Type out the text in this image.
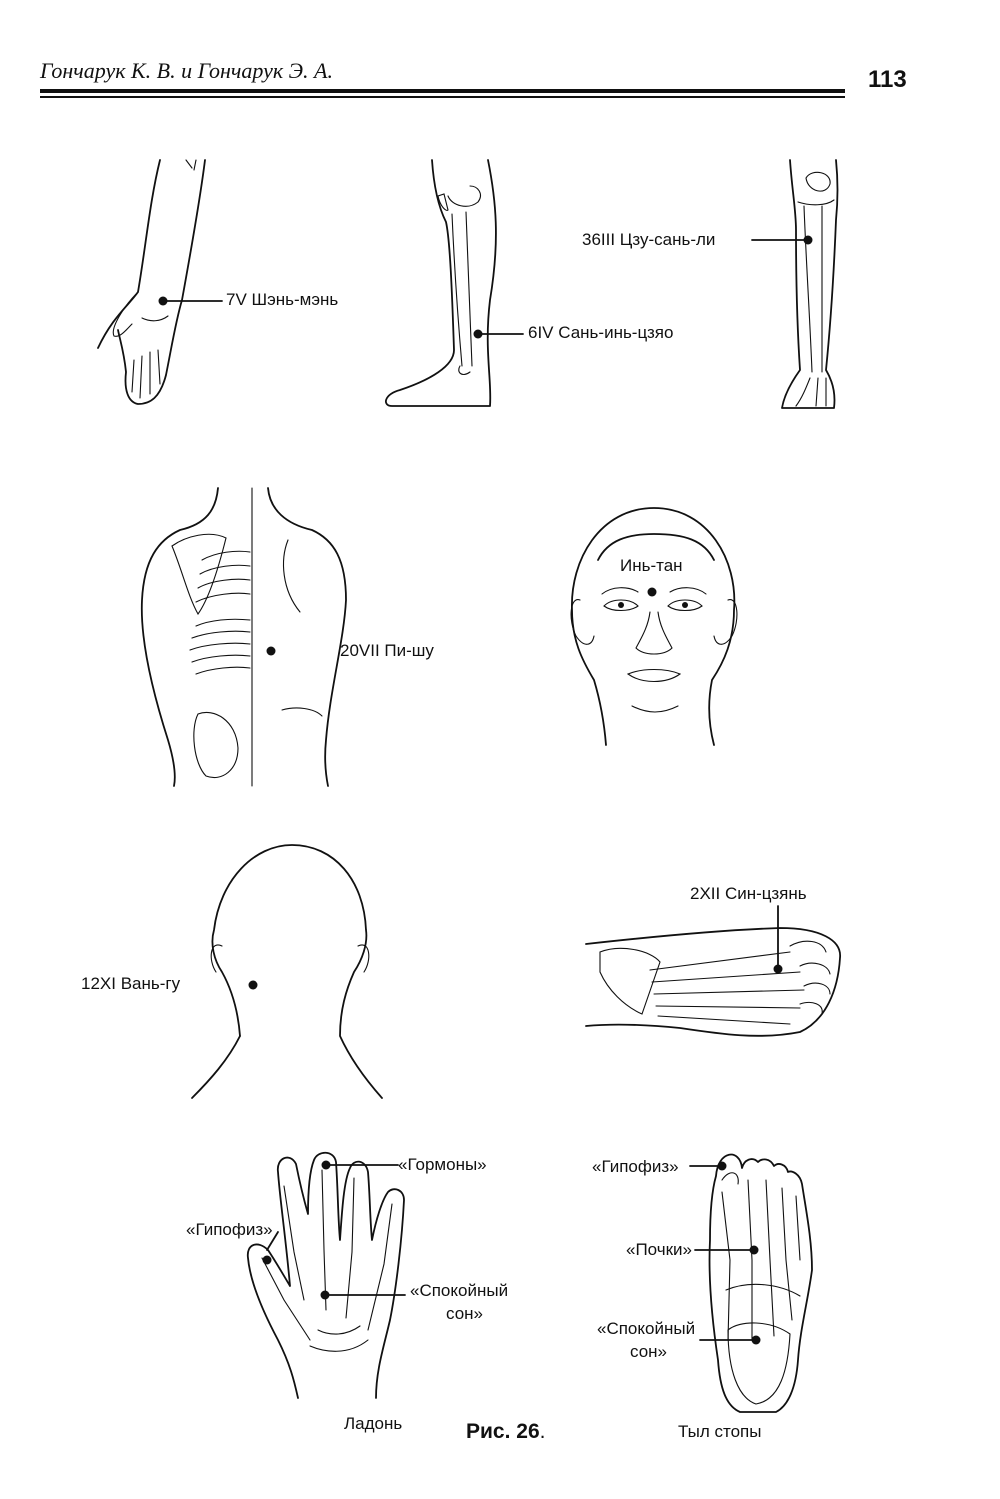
Гончарук К. В. и Гончарук Э. А.	113
7V Шэнь-мэнь
6IV Сань-инь-цзяо
36III Цзу-сань-ли
20VII Пи-шу
Инь-тан
12XI Вань-гу
2XII Син-цзянь
«Гормоны»
«Гипофиз»
«Спокойный
сон»
Ладонь
«Гипофиз»
«Почки»
«Спокойный
сон»
Тыл стопы
Рис. 26.
